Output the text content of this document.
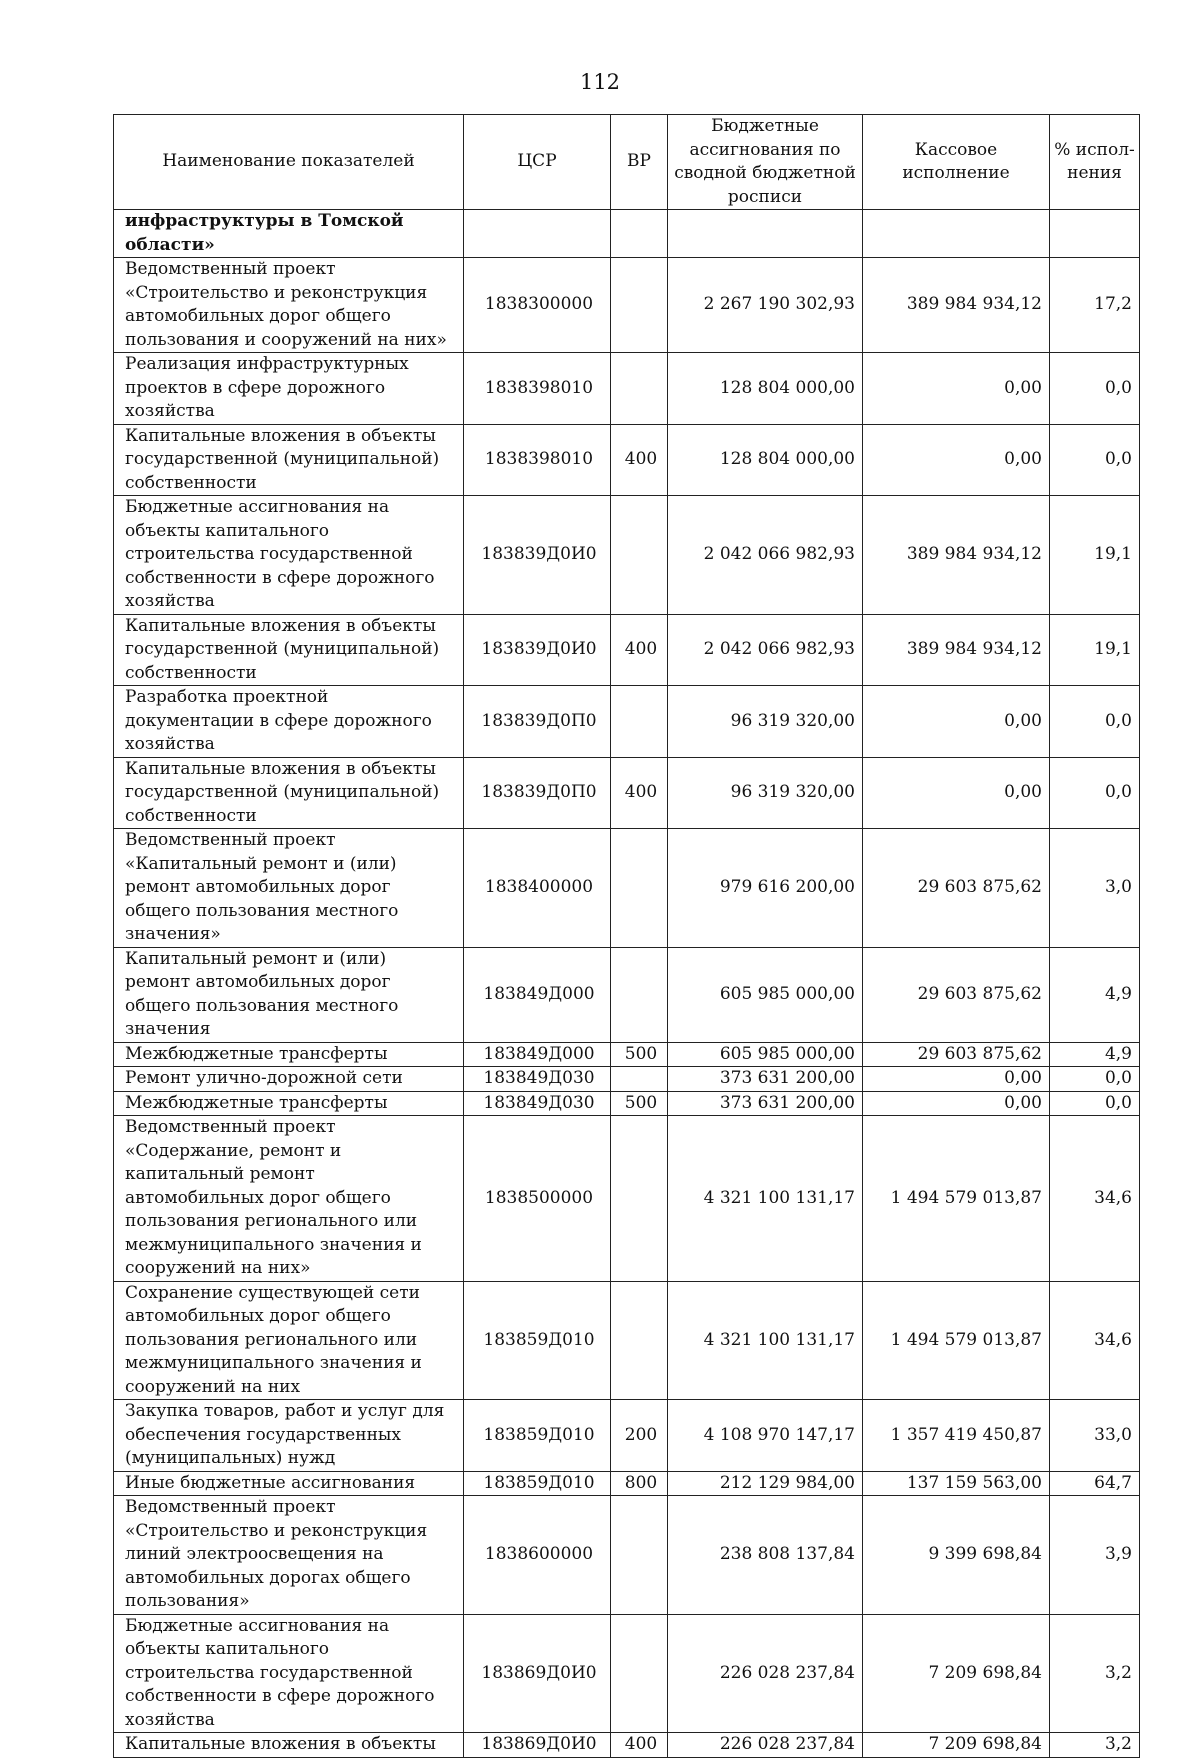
112
Наименование показателей	ЦСР	ВР	Бюджетные ассигнования по сводной бюджетной росписи	Кассовое исполнение	% испол-нения
инфраструктуры в Томской области»					
Ведомственный проект «Строительство и реконструкция автомобильных дорог общего пользования и сооружений на них»	1838300000		2 267 190 302,93	389 984 934,12	17,2
Реализация инфраструктурных проектов в сфере дорожного хозяйства	1838398010		128 804 000,00	0,00	0,0
Капитальные вложения в объекты государственной (муниципальной) собственности	1838398010	400	128 804 000,00	0,00	0,0
Бюджетные ассигнования на объекты капитального строительства государственной собственности в сфере дорожного хозяйства	183839Д0И0		2 042 066 982,93	389 984 934,12	19,1
Капитальные вложения в объекты государственной (муниципальной) собственности	183839Д0И0	400	2 042 066 982,93	389 984 934,12	19,1
Разработка проектной документации в сфере дорожного хозяйства	183839Д0П0		96 319 320,00	0,00	0,0
Капитальные вложения в объекты государственной (муниципальной) собственности	183839Д0П0	400	96 319 320,00	0,00	0,0
Ведомственный проект «Капитальный ремонт и (или) ремонт автомобильных дорог общего пользования местного значения»	1838400000		979 616 200,00	29 603 875,62	3,0
Капитальный ремонт и (или) ремонт автомобильных дорог общего пользования местного значения	183849Д000		605 985 000,00	29 603 875,62	4,9
Межбюджетные трансферты	183849Д000	500	605 985 000,00	29 603 875,62	4,9
Ремонт улично-дорожной сети	183849Д030		373 631 200,00	0,00	0,0
Межбюджетные трансферты	183849Д030	500	373 631 200,00	0,00	0,0
Ведомственный проект «Содержание, ремонт и капитальный ремонт автомобильных дорог общего пользования регионального или межмуниципального значения и сооружений на них»	1838500000		4 321 100 131,17	1 494 579 013,87	34,6
Сохранение существующей сети автомобильных дорог общего пользования регионального или межмуниципального значения и сооружений на них	183859Д010		4 321 100 131,17	1 494 579 013,87	34,6
Закупка товаров, работ и услуг для обеспечения государственных (муниципальных) нужд	183859Д010	200	4 108 970 147,17	1 357 419 450,87	33,0
Иные бюджетные ассигнования	183859Д010	800	212 129 984,00	137 159 563,00	64,7
Ведомственный проект «Строительство и реконструкция линий электроосвещения на автомобильных дорогах общего пользования»	1838600000		238 808 137,84	9 399 698,84	3,9
Бюджетные ассигнования на объекты капитального строительства государственной собственности в сфере дорожного хозяйства	183869Д0И0		226 028 237,84	7 209 698,84	3,2
Капитальные вложения в объекты	183869Д0И0	400	226 028 237,84	7 209 698,84	3,2
